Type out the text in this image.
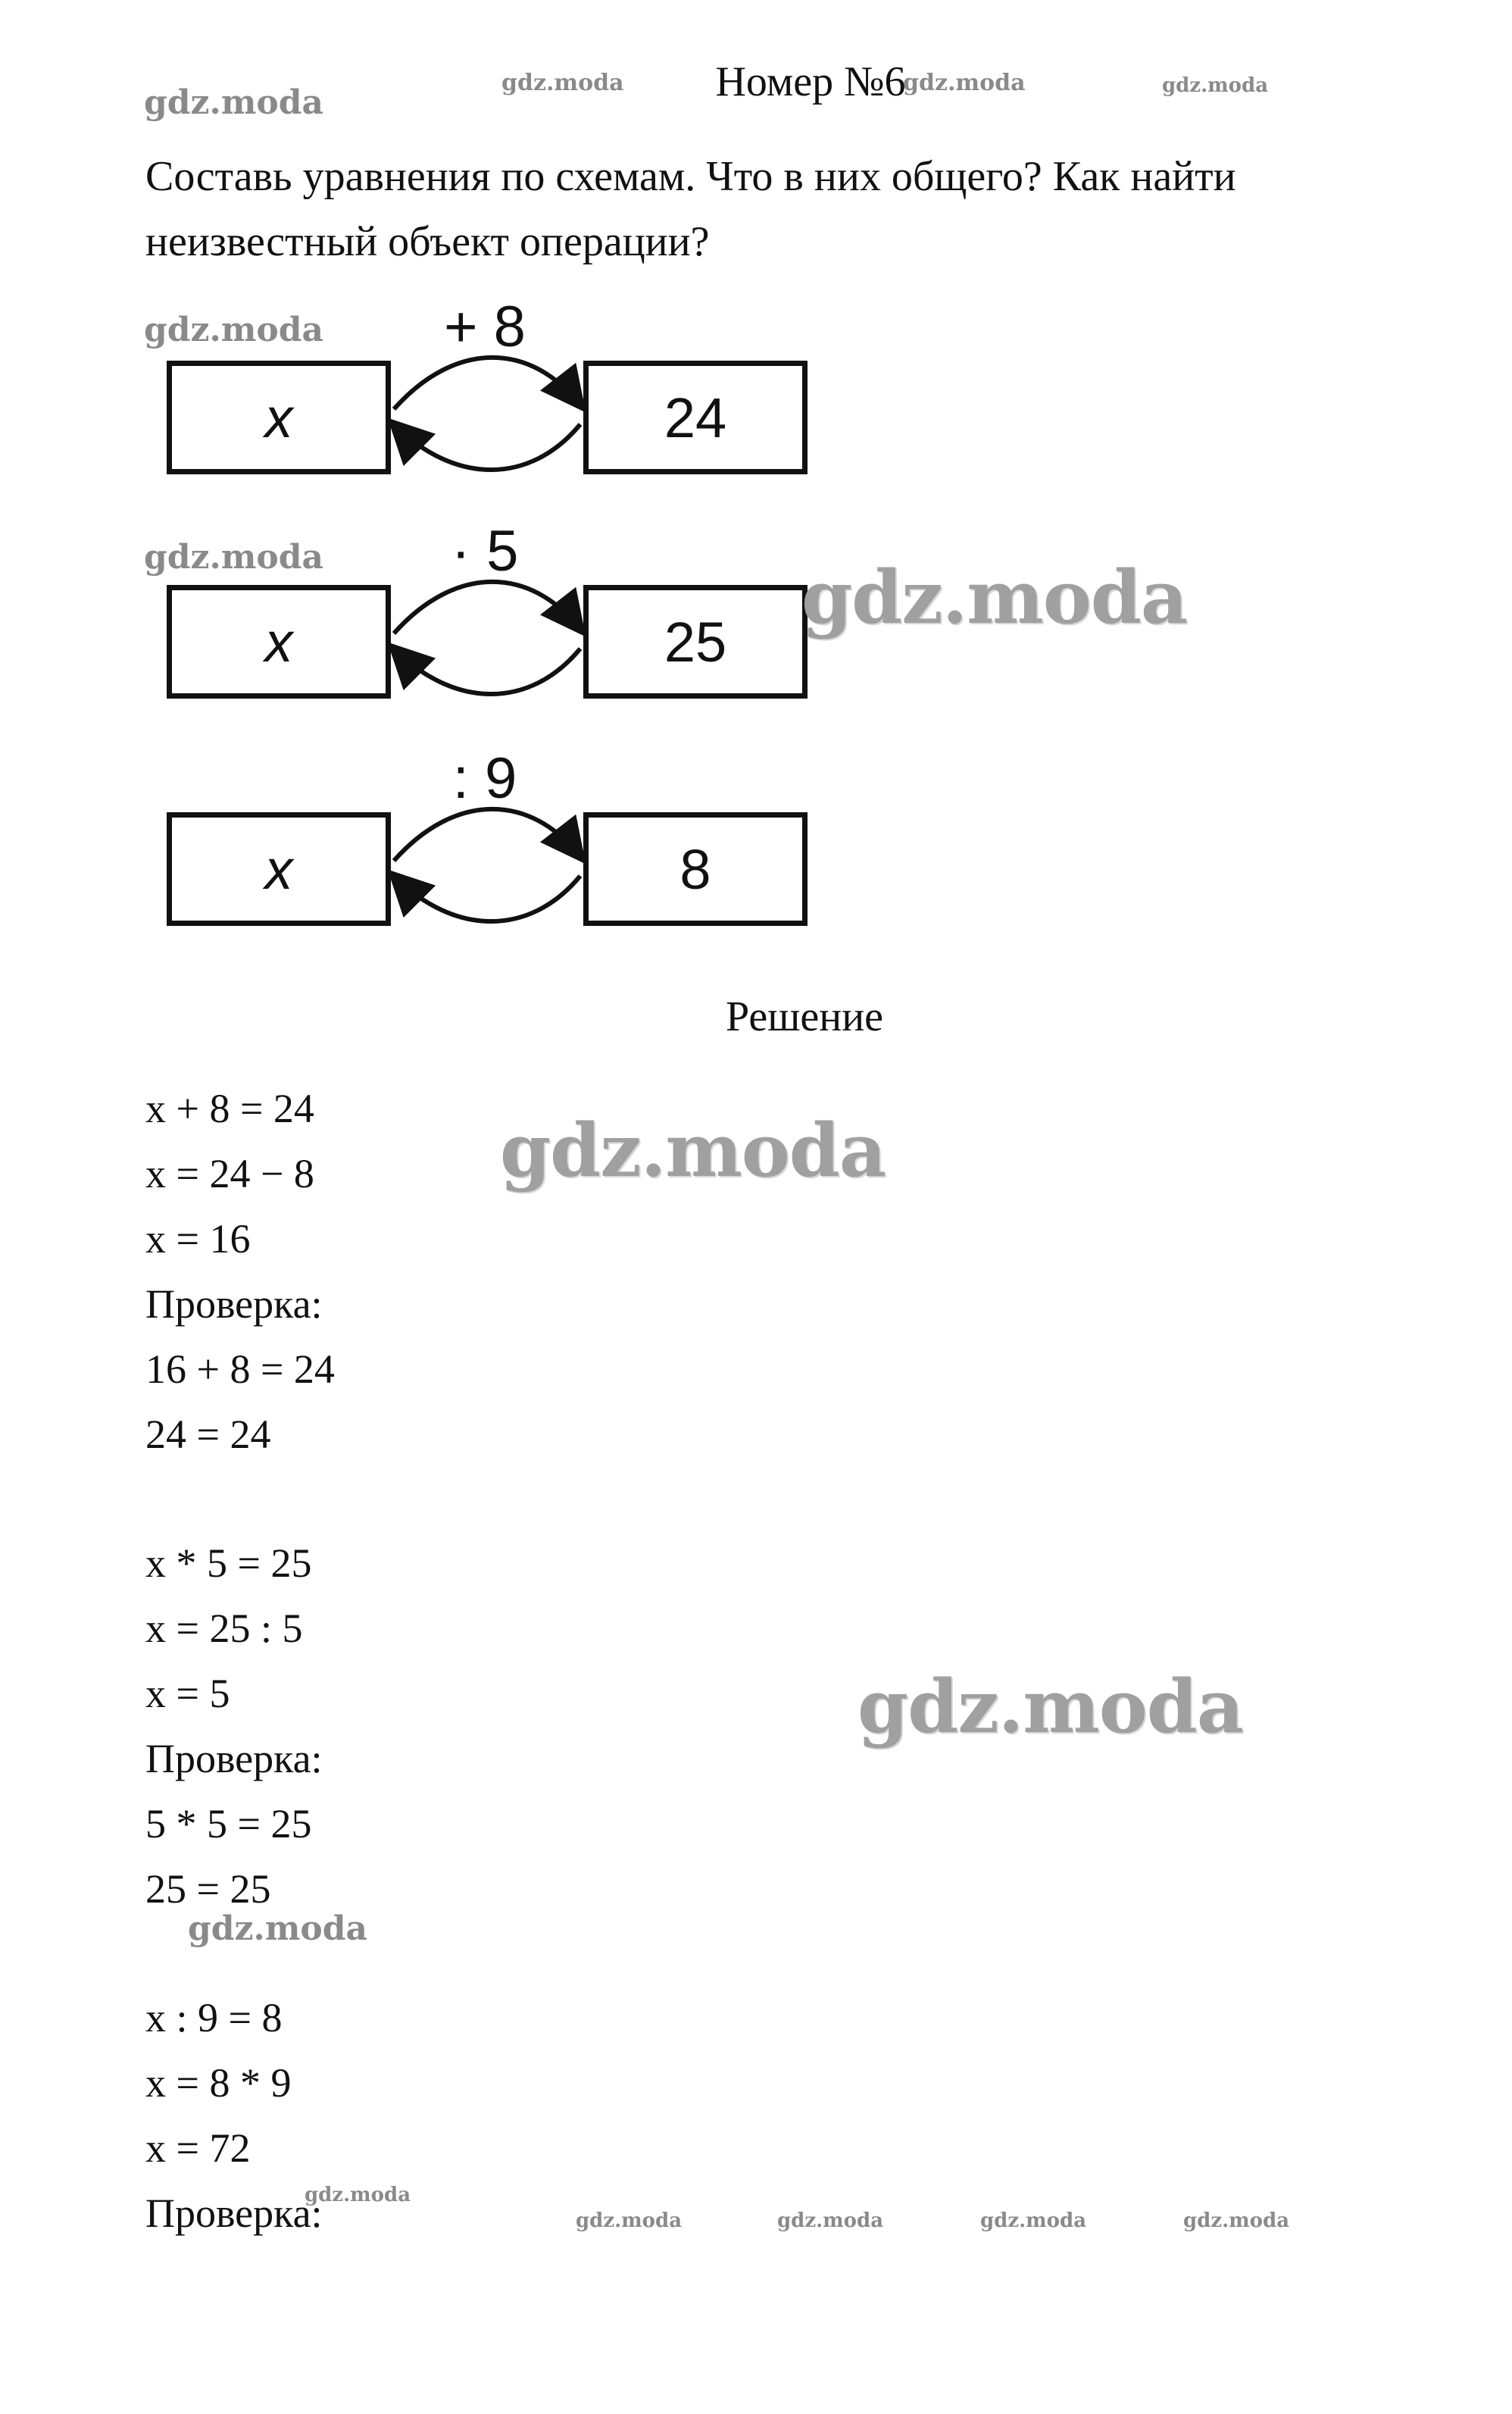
Номер №6
Составь уравнения по схемам. Что в них общего? Как найти неизвестный объект операции?
+ 8
x	24
· 5
x	25
: 9
x	8
Решение
x + 8 = 24
x = 24 − 8
x = 16
Проверка:
16 + 8 = 24
24 = 24
x * 5 = 25
x = 25 : 5
x = 5
Проверка:
5 * 5 = 25
25 = 25
x : 9 = 8
x = 8 * 9
x = 72
Проверка:
gdz.moda
gdz.moda	gdz.moda	gdz.moda
gdz.moda
gdz.moda	gdz.moda
gdz.moda
gdz.moda
gdz.moda
gdz.moda
gdz.moda	gdz.moda	gdz.moda	gdz.moda
